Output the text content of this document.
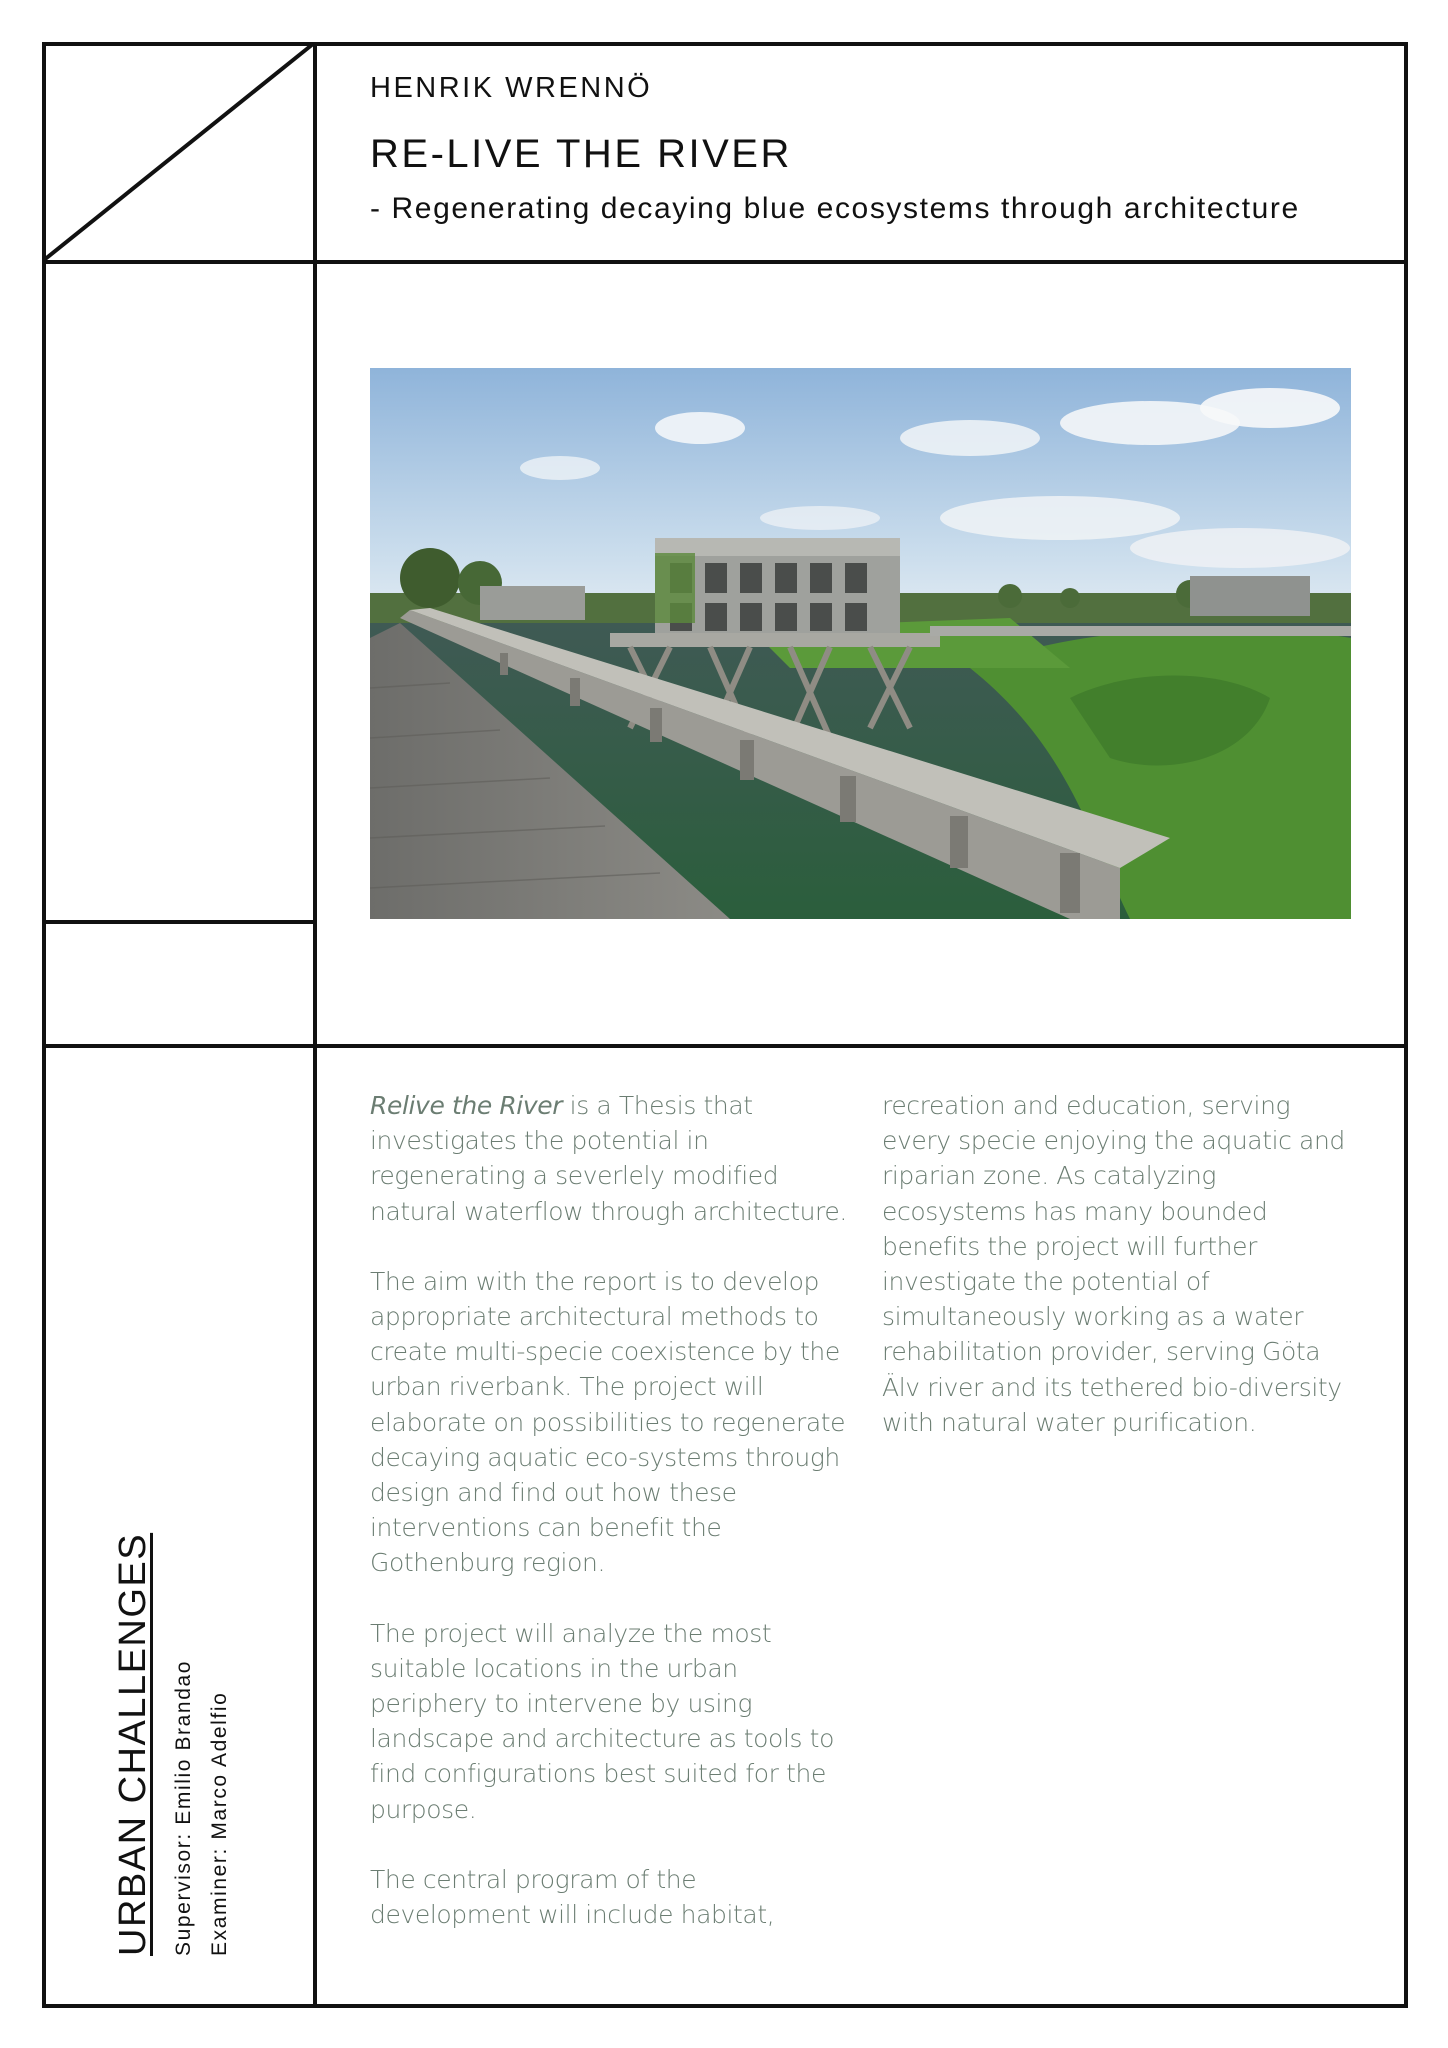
HENRIK WRENNÖ
RE-LIVE THE RIVER
- Regenerating decaying blue ecosystems through architecture
URBAN CHALLENGES Supervisor: Emilio Brandao Examiner: Marco Adelfio

Relive the River is a Thesis that investigates the potential in regenerating a severlely modified natural waterflow through architecture.

The aim with the report is to develop appropriate architectural methods to create multi-specie coexistence by the urban riverbank. The project will elaborate on possibilities to regenerate decaying aquatic eco-systems through design and find out how these interventions can benefit the Gothenburg region.

The project will analyze the most suitable locations in the urban periphery to intervene by using landscape and architecture as tools to find configurations best suited for the purpose.

The central program of the development will include habitat,

recreation and education, serving every specie enjoying the aquatic and riparian zone. As catalyzing ecosystems has many bounded benefits the project will further investigate the potential of simultaneously working as a water rehabilitation provider, serving Göta Älv river and its tethered bio-diversity with natural water purification.
